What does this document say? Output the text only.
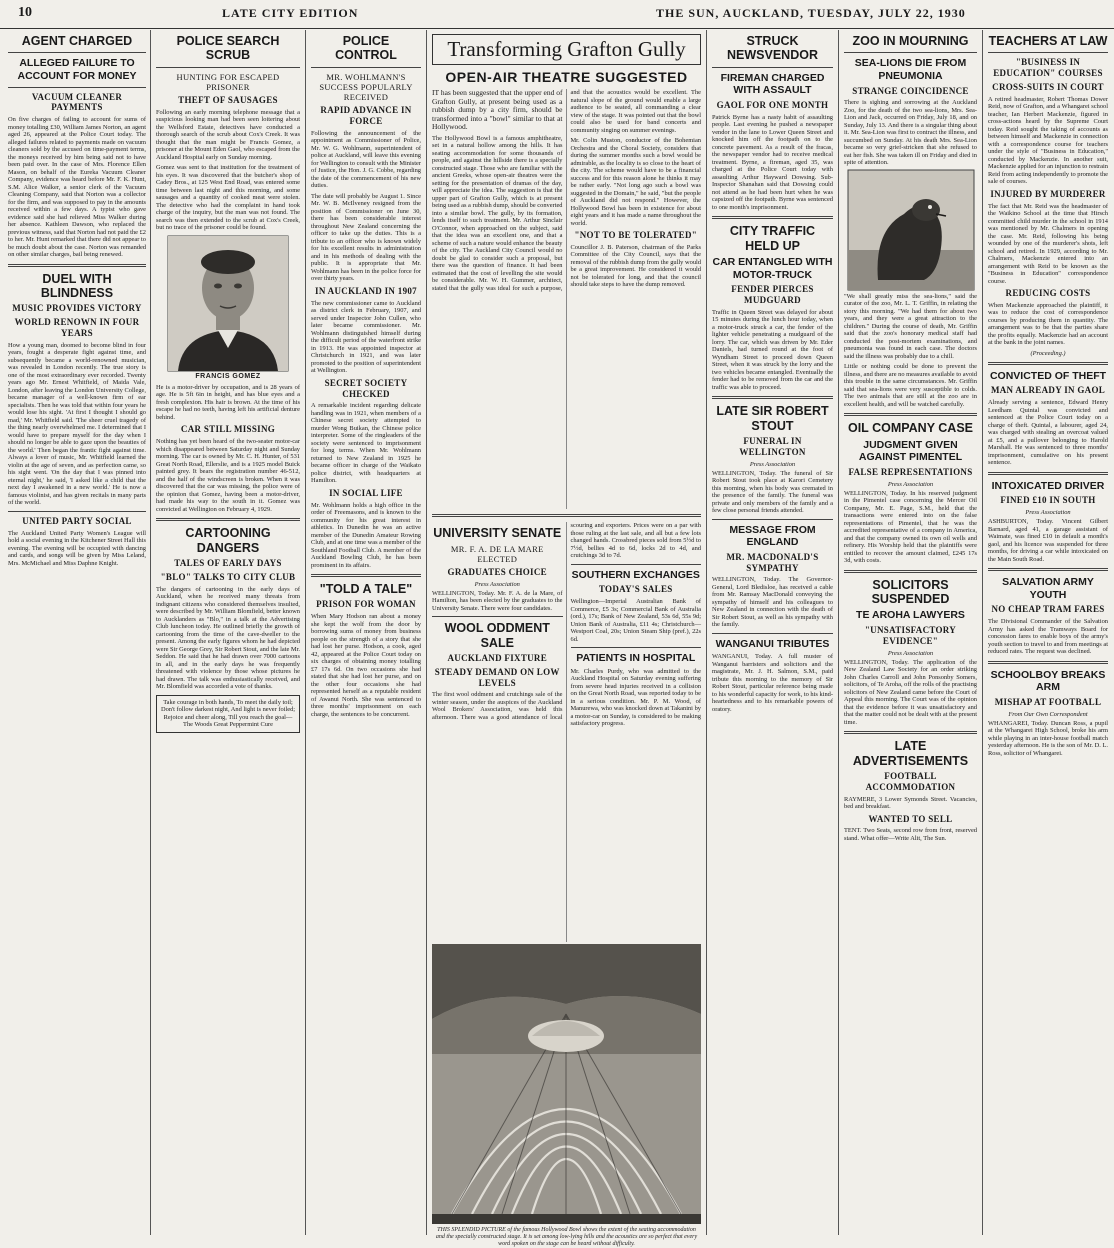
10	LATE CITY EDITION	THE SUN, AUCKLAND, TUESDAY, JULY 22, 1930
AGENT CHARGED
ALLEGED FAILURE TO ACCOUNT FOR MONEY
VACUUM CLEANER PAYMENTS

On five charges of failing to account for sums of money totalling £30, William James Norton, an agent aged 26, appeared at the Police Court today. The alleged failures related to payments made on vacuum cleaners sold by the accused on time-payment terms, the moneys received by him being said not to have been paid over. In the case of Mrs. Florence Ellen Mason, on behalf of the Eureka Vacuum Cleaner Company, evidence was heard before Mr. F. K. Hunt, S.M. Alice Walker, a senior clerk of the Vacuum Cleaning Company, said that Norton was a collector for the firm, and was supposed to pay in the amounts received within a few days. A typist who gave evidence said she had relieved Miss Walker during her absence. Kathleen Dawson, who replaced the previous witness, said that Norton had not paid the £2 to her. Mr. Hunt remarked that there did not appear to be much doubt about the case. Norton was remanded on other similar charges, bail being renewed.

DUEL WITH BLINDNESS
MUSIC PROVIDES VICTORY
WORLD RENOWN IN FOUR YEARS

How a young man, doomed to become blind in four years, fought a desperate fight against time, and subsequently became a world-renowned musician, was revealed in London recently. The true story is one of the most extraordinary ever recorded. Twenty years ago Mr. Ernest Whitfield, of Maida Vale, London, after leaving the London University College, became manager of a well-known firm of ear specialists. Then he was told that within four years he would lose his sight. 'At first I thought I should go mad,' Mr. Whitfield said. 'The sheer cruel tragedy of the thing nearly overwhelmed me. I determined that I would have to prepare myself for the day when I should no longer be able to gaze upon the beauties of the world.' Then began the frantic fight against time. Always a lover of music, Mr. Whitfield learned the violin at the age of seven, and as perfection came, so his sight went. 'On the day that I was pinned into eternal night,' he said, 'I asked like a child that the next day I awakened in a new world.' He is now a famous violinist, and has given recitals in many parts of the world.

UNITED PARTY SOCIAL

The Auckland United Party Women's League will hold a social evening in the Kitchener Street Hall this evening. The evening will be occupied with dancing and cards, and songs will be given by Miss Leland, Mrs. McMichael and Miss Daphne Knight.

POLICE SEARCH SCRUB
HUNTING FOR ESCAPED PRISONER
THEFT OF SAUSAGES

Following an early morning telephone message that a suspicious looking man had been seen loitering about the Wellsford Estate, detectives have conducted a thorough search of the scrub about Cox's Creek. It was thought that the man might be Francis Gomez, a prisoner at the Mount Eden Gaol, who escaped from the Auckland Hospital early on Sunday morning.

Gomez was sent to that institution for the treatment of his eyes. It was discovered that the butcher's shop of Cadey Bros., at 125 West End Road, was entered some time between last night and this morning, and some sausages and a quantity of cooked meat were stolen. The detective who had the complaint in hand took charge of the inquiry, but the man was not found. The search was then extended to the scrub at Cox's Creek, but no trace of the prisoner could be found.

FRANCIS GOMEZ

He is a motor-driver by occupation, and is 28 years of age. He is 5ft 6in in height, and has blue eyes and a fresh complexion. His hair is brown. At the time of his escape he had no teeth, having left his artificial denture behind.

CAR STILL MISSING

Nothing has yet been heard of the two-seater motor-car which disappeared between Saturday night and Sunday morning. The car is owned by Mr. C. H. Hunter, of 531 Great North Road, Ellerslie, and is a 1925 model Buick painted grey. It bears the registration number 46-512, and the half of the windscreen is broken. When it was discovered that the car was missing, the police were of the opinion that Gomez, having been a motor-driver, had made his way to the south in it. Gomez was convicted at Wellington on February 4, 1929.

CARTOONING DANGERS
TALES OF EARLY DAYS
"BLO" TALKS TO CITY CLUB

The dangers of cartooning in the early days of Auckland, when he received many threats from indignant citizens who considered themselves insulted, were described by Mr. William Blomfield, better known to Aucklanders as "Blo," in a talk at the Advertising Club luncheon today. He outlined briefly the growth of cartooning from the time of the cave-dweller to the present. Among the early figures whom he had depicted were Sir George Grey, Sir Robert Stout, and the late Mr. Seddon. He said that he had drawn over 7000 cartoons in all, and in the early days he was frequently threatened with violence by those whose pictures he had drawn. The talk was enthusiastically received, and Mr. Blomfield was accorded a vote of thanks.

Take courage in both hands, To meet the daily toil; Don't follow darkest night, And light is never foiled; Rejoice and cheer along, Till you reach the goal— The Woods Great Peppermint Cure
POLICE CONTROL
MR. WOHLMANN'S SUCCESS POPULARLY RECEIVED
RAPID ADVANCE IN FORCE

Following the announcement of the appointment as Commissioner of Police, Mr. W. G. Wohlmann, superintendent of police at Auckland, will leave this evening for Wellington to consult with the Minister of Justice, the Hon. J. G. Cobbe, regarding the date of the commencement of his new duties.

The date will probably be August 1. Since Mr. W. B. McIlveney resigned from the position of Commissioner on June 30, there has been considerable interest throughout New Zealand concerning the officer to take up the duties. This is a tribute to an officer who is known widely for his excellent results in administration and in his methods of dealing with the public. It is appropriate that Mr. Wohlmann has been in the police force for over thirty years.

IN AUCKLAND IN 1907

The new commissioner came to Auckland as district clerk in February, 1907, and served under Inspector John Cullen, who later became commissioner. Mr. Wohlmann distinguished himself during the difficult period of the waterfront strike in 1913. He was appointed inspector at Christchurch in 1921, and was later promoted to the position of superintendent at Wellington.

SECRET SOCIETY CHECKED

A remarkable incident regarding delicate handling was in 1921, when members of a Chinese secret society attempted to murder Wong Buikan, the Chinese police interpreter. Some of the ringleaders of the society were sentenced to imprisonment for long terms. When Mr. Wohlmann returned to New Zealand in 1925 he became officer in charge of the Waikato police district, with headquarters at Hamilton.

IN SOCIAL LIFE

Mr. Wohlmann holds a high office in the order of Freemasons, and is known to the community for his great interest in athletics. In Dunedin he was an active member of the Dunedin Amateur Rowing Club, and at one time was a member of the Southland Football Club. A member of the Auckland Bowling Club, he has been prominent in its affairs.

"TOLD A TALE"
PRISON FOR WOMAN

When Mary Hodson ran about a money she kept the wolf from the door by borrowing sums of money from business people on the strength of a story that she had lost her purse. Hodson, a cook, aged 42, appeared at the Police Court today on six charges of obtaining money totalling £7 17s 6d. On two occasions she had stated that she had lost her purse, and on the other four occasions she had represented herself as a reputable resident of Awanui North. She was sentenced to three months' imprisonment on each charge, the sentences to be concurrent.

Transforming Grafton Gully
OPEN-AIR THEATRE SUGGESTED

IT has been suggested that the upper end of Grafton Gully, at present being used as a rubbish dump by a city firm, should be transformed into a "bowl" similar to that at Hollywood.

The Hollywood Bowl is a famous amphitheatre, set in a natural hollow among the hills. It has seating accommodation for some thousands of people, and against the hillside there is a specially constructed stage. Those who are familiar with the ancient Greeks, whose open-air theatres were the setting for the presentation of dramas of the day, will appreciate the idea. The suggestion is that the upper part of Grafton Gully, which is at present being used as a rubbish dump, should be converted into a similar bowl. The gully, by its formation, lends itself to such treatment. Mr. Arthur Sinclair O'Connor, when approached on the subject, said that the idea was an excellent one, and that a scheme of such a nature would enhance the beauty of the city. The Auckland City Council would no doubt be glad to consider such a proposal, but there was the question of finance. It had been estimated that the cost of levelling the site would be considerable. Mr. W. H. Gummer, architect, stated that the gully was ideal for such a purpose, and that the acoustics would be excellent. The natural slope of the ground would enable a large audience to be seated, all commanding a clear view of the stage. It was pointed out that the bowl could also be used for band concerts and community singing on summer evenings.

Mr. Colin Muston, conductor of the Bohemian Orchestra and the Choral Society, considers that during the summer months such a bowl would be admirable, as the locality is so close to the heart of the city. The scheme would have to be a financial success and for this reason alone he thinks it may be rather early. "Not long ago such a bowl was suggested in the Domain," he said, "but the people of Auckland did not respond." However, the Hollywood Bowl has been in existence for about eight years and it has made a name throughout the world.

"NOT TO BE TOLERATED"

Councillor J. B. Paterson, chairman of the Parks Committee of the City Council, says that the removal of the rubbish dump from the gully would be a great improvement. He considered it would not be tolerated for long, and that the council should take steps to have the dump removed.

UNIVERSITY SENATE
MR. F. A. DE LA MARE ELECTED
GRADUATES CHOICE
Press Association

WELLINGTON, Today. Mr. F. A. de la Mare, of Hamilton, has been elected by the graduates to the University Senate. There were four candidates.

WOOL ODDMENT SALE
AUCKLAND FIXTURE
STEADY DEMAND ON LOW LEVELS

The first wool oddment and crutchings sale of the winter season, under the auspices of the Auckland Wool Brokers' Association, was held this afternoon. There was a good attendance of local scouring and exporters. Prices were on a par with those ruling at the last sale, and all but a few lots changed hands. Crossbred pieces sold from 5½d to 7½d, bellies 4d to 6d, locks 2d to 4d, and crutchings 3d to 7d.

SOUTHERN EXCHANGES
TODAY'S SALES

Wellington—Imperial Australian Bank of Commerce, £5 3s; Commercial Bank of Australia (ord.), 17s; Bank of New Zealand, 53s 6d, 55s 9d; Union Bank of Australia, £11 4s; Christchurch—Westport Coal, 20s; Union Steam Ship (pref.), 22s 6d.

PATIENTS IN HOSPITAL

Mr. Charles Purdy, who was admitted to the Auckland Hospital on Saturday evening suffering from severe head injuries received in a collision on the Great North Road, was reported today to be in a serious condition. Mr. P. M. Wood, of Manurewa, who was knocked down at Takanini by a motor-car on Sunday, is considered to be making satisfactory progress.

THIS SPLENDID PICTURE of the famous Hollywood Bowl shows the extent of the seating accommodation and the specially constructed stage. It is set among low-lying hills and the acoustics are so perfect that every word spoken on the stage can be heard without difficulty.

STRUCK NEWSVENDOR
FIREMAN CHARGED WITH ASSAULT
GAOL FOR ONE MONTH

Patrick Byrne has a nasty habit of assaulting people. Last evening he pushed a newspaper vendor in the lane to Lower Queen Street and knocked him off the footpath on to the concrete pavement. As a result of the fracas, the newspaper vendor had to receive medical treatment. Byrne, a fireman, aged 35, was charged at the Police Court today with assaulting Arthur Hayward Dowsing. Sub-Inspector Shanahan said that Dowsing could not attend as he had been hurt when he was capsized off the footpath. Byrne was sentenced to one month's imprisonment.

CITY TRAFFIC HELD UP
CAR ENTANGLED WITH MOTOR-TRUCK
FENDER PIERCES MUDGUARD

Traffic in Queen Street was delayed for about 15 minutes during the lunch hour today, when a motor-truck struck a car, the fender of the lighter vehicle penetrating a mudguard of the lorry. The car, which was driven by Mr. Eder Daniels, had turned round at the foot of Wyndham Street to proceed down Queen Street, when it was struck by the lorry and the two vehicles became entangled. Eventually the fender had to be removed from the car and the traffic was able to proceed.

LATE SIR ROBERT STOUT
FUNERAL IN WELLINGTON
Press Association

WELLINGTON, Today. The funeral of Sir Robert Stout took place at Karori Cemetery this morning, when his body was cremated in the presence of the family. The funeral was private and only members of the family and a few close personal friends attended.

MESSAGE FROM ENGLAND
MR. MACDONALD'S SYMPATHY

WELLINGTON, Today. The Governor-General, Lord Bledisloe, has received a cable from Mr. Ramsay MacDonald conveying the sympathy of himself and his colleagues to New Zealand in connection with the death of Sir Robert Stout, as well as his sympathy with the family.

WANGANUI TRIBUTES

WANGANUI, Today. A full muster of Wanganui barristers and solicitors and the magistrate, Mr. J. H. Salmon, S.M., paid tribute this morning to the memory of Sir Robert Stout, particular reference being made to his wonderful capacity for work, to his kind-heartedness and to his remarkable powers of oratory.

ZOO IN MOURNING
SEA-LIONS DIE FROM PNEUMONIA
STRANGE COINCIDENCE

There is sighing and sorrowing at the Auckland Zoo, for the death of the two sea-lions, Mrs. Sea-Lion and Jack, occurred on Friday, July 18, and on Sunday, July 13. And there is a singular thing about it. Mr. Sea-Lion was first to contract the illness, and succumbed on Sunday. At his death Mrs. Sea-Lion became so very grief-stricken that she refused to eat her fish. She was taken ill on Friday and died in spite of attention.

"We shall greatly miss the sea-lions," said the curator of the zoo, Mr. L. T. Griffin, in relating the story this morning. "We had them for about two years, and they were a great attraction to the children." During the course of death, Mr. Griffin said that the zoo's honorary medical staff had conducted the post-mortem examinations, and pneumonia was found in each case. The doctors said the illness was probably due to a chill.

Little or nothing could be done to prevent the illness, and there are no measures available to avoid this trouble in the same circumstances. Mr. Griffin said that sea-lions were very susceptible to colds. The two animals that are still at the zoo are in excellent health, and will be watched carefully.

OIL COMPANY CASE
JUDGMENT GIVEN AGAINST PIMENTEL
FALSE REPRESENTATIONS
Press Association

WELLINGTON, Today. In his reserved judgment in the Pimentel case concerning the Mercer Oil Company, Mr. E. Page, S.M., held that the transactions were entered into on the false representations of Pimentel, that he was the accredited representative of a company in America, and that the company owned its own oil wells and refinery. His Worship held that the plaintiffs were entitled to recover the amount claimed, £245 17s 3d, with costs.

SOLICITORS SUSPENDED
TE AROHA LAWYERS
"UNSATISFACTORY EVIDENCE"
Press Association

WELLINGTON, Today. The application of the New Zealand Law Society for an order striking John Charles Carroll and John Ponsonby Somers, solicitors, of Te Aroha, off the rolls of the practising solicitors of New Zealand came before the Court of Appeal this morning. The Court was of the opinion that the evidence before it was unsatisfactory and that the matter could not be dealt with at the present time.

LATE ADVERTISEMENTS
FOOTBALL ACCOMMODATION

RAYMERE, 3 Lower Symonds Street. Vacancies, bed and breakfast.

WANTED TO SELL

TENT. Two Seats, second row from front, reserved stand. What offer—Write Alit, The Sun.

TEACHERS AT LAW
"BUSINESS IN EDUCATION" COURSES
CROSS-SUITS IN COURT

A retired headmaster, Robert Thomas Dower Reid, now of Grafton, and a Whangarei school teacher, Ian Herbert Mackenzie, figured in cross-actions heard by the Supreme Court today. Reid sought the taking of accounts as between himself and Mackenzie in connection with a correspondence course for teachers under the style of "Business in Education," conducted by Mackenzie. In another suit, Mackenzie applied for an injunction to restrain Reid from acting independently to promote the sale of courses.

INJURED BY MURDERER

The fact that Mr. Reid was the headmaster of the Waikino School at the time that Hirsch committed child murder in the school in 1914 was mentioned by Mr. Chalmers in opening the case. Mr. Reid, following his being wounded by one of the murderer's shots, left school and retired. In 1929, according to Mr. Chalmers, Mackenzie entered into an arrangement with Reid to be known as the "Business in Education" correspondence course.

REDUCING COSTS

When Mackenzie approached the plaintiff, it was to reduce the cost of correspondence courses by producing them in quantity. The arrangement was to be that the parties share the profits equally. Mackenzie had an account at the bank in the joint names.

(Proceeding.)
CONVICTED OF THEFT
MAN ALREADY IN GAOL

Already serving a sentence, Edward Henry Leedham Quintal was convicted and sentenced at the Police Court today on a charge of theft. Quintal, a labourer, aged 24, was charged with stealing an overcoat valued at £5, and a pullover belonging to Harold Marshall. He was sentenced to three months' imprisonment, cumulative on his present sentence.

INTOXICATED DRIVER
FINED £10 IN SOUTH
Press Association

ASHBURTON, Today. Vincent Gilbert Barnard, aged 41, a garage assistant of Waimate, was fined £10 in default a month's gaol, and his licence was suspended for three months, for driving a car while intoxicated on the Main South Road.

SALVATION ARMY YOUTH
NO CHEAP TRAM FARES

The Divisional Commander of the Salvation Army has asked the Tramways Board for concession fares to enable boys of the army's youth section to travel to and from meetings at reduced rates. The request was declined.

SCHOOLBOY BREAKS ARM
MISHAP AT FOOTBALL
From Our Own Correspondent

WHANGAREI, Today. Duncan Ross, a pupil at the Whangarei High School, broke his arm while playing in an inter-house football match yesterday afternoon. He is the son of Mr. D. L. Ross, solicitor of Whangarei.
